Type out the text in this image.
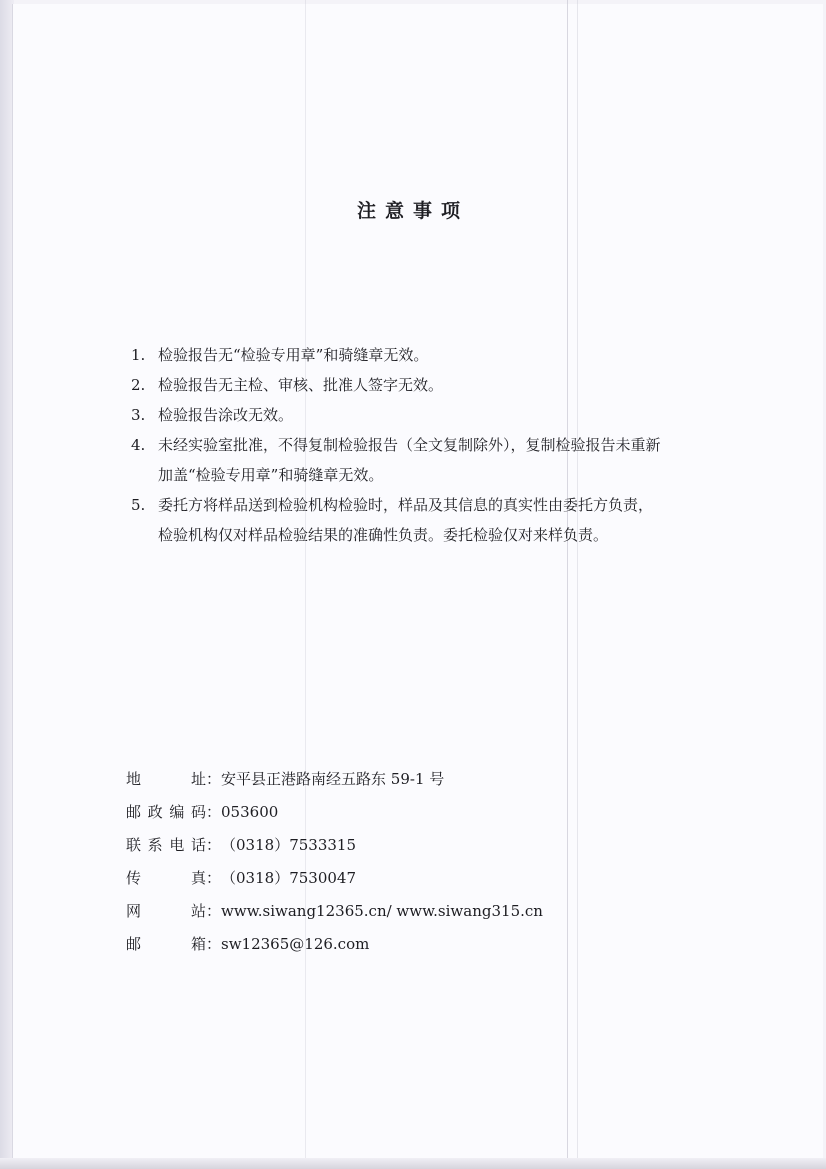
注意事项
1. 检验报告无“检验专用章”和骑缝章无效。
2. 检验报告无主检、审核、批准人签字无效。
3. 检验报告涂改无效。
4. 未经实验室批准，不得复制检验报告（全文复制除外），复制检验报告未重新
加盖“检验专用章”和骑缝章无效。
5. 委托方将样品送到检验机构检验时，样品及其信息的真实性由委托方负责，
检验机构仅对样品检验结果的准确性负责。委托检验仅对来样负责。
地址：安平县正港路南经五路东 59-1 号
邮政编码：053600
联系电话：（0318）7533315
传真：（0318）7530047
网站：www.siwang12365.cn/ www.siwang315.cn
邮箱：sw12365@126.com
